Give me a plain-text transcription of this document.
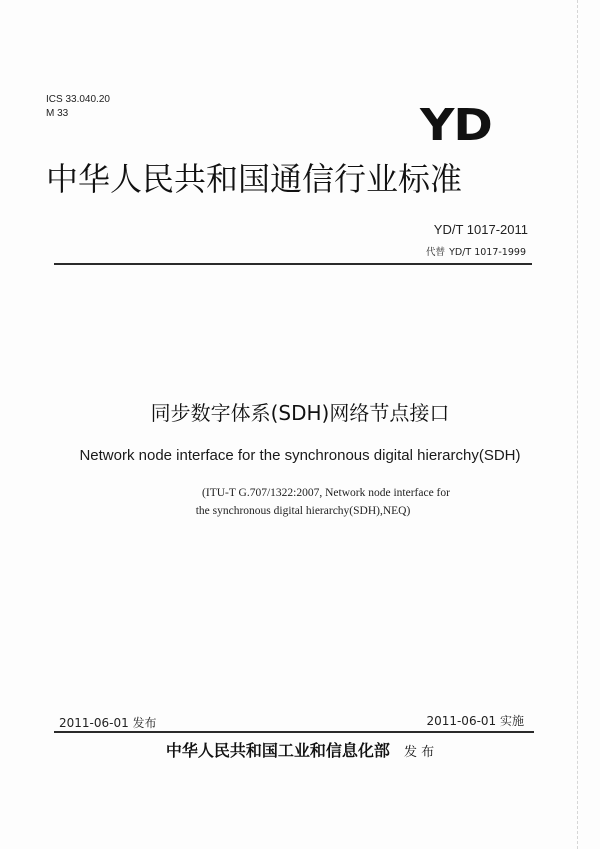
ICS 33.040.20
M 33	YD
中华人民共和国通信行业标准
YD/T 1017-2011
代替 YD/T 1017-1999
同步数字体系(SDH)网络节点接口
Network node interface for the synchronous digital hierarchy(SDH)
(ITU-T G.707/1322:2007, Network node interface for
the synchronous digital hierarchy(SDH),NEQ)
2011-06-01 发布	2011-06-01 实施
中华人民共和国工业和信息化部 发 布
